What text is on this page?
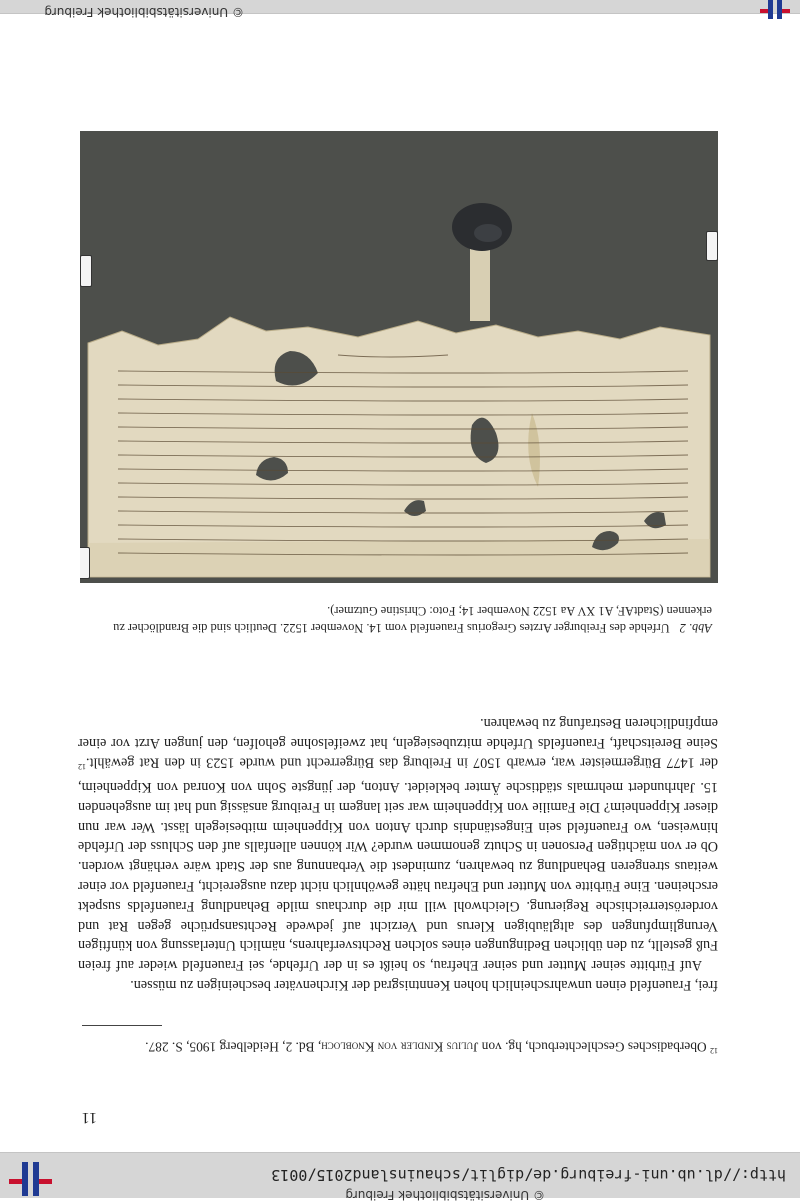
http://dl.ub.uni-freiburg.de/diglit/schauinsland2015/0013
© Universitätsbibliothek Freiburg
11
$^{12}$ Oberbadisches Geschlechterbuch, hg. von Julius Kindler von Knobloch, Bd. 2, Heidelberg 1905, S. 287.

frei, Frauenfeld einen unwahrscheinlich hohen Kenntnisgrad der Kirchenväter bescheinigen zu müssen.

Auf Fürbitte seiner Mutter und seiner Ehefrau, so heißt es in der Urfehde, sei Frauenfeld wieder auf freien Fuß gestellt, zu den üblichen Bedingungen eines solchen Rechtsverfahrens, nämlich Unterlassung von künftigen Verunglimpfungen des altgläubigen Klerus und Verzicht auf jedwede Rechtsansprüche gegen Rat und vorderösterreichische Regierung. Gleichwohl will mir die durchaus milde Behandlung Frauenfelds suspekt erscheinen. Eine Fürbitte von Mutter und Ehefrau hätte gewöhnlich nicht dazu ausgereicht, Frauenfeld vor einer weitaus strengeren Behandlung zu bewahren, zumindest die Verbannung aus der Stadt wäre verhängt worden. Ob er von mächtigen Personen in Schutz genommen wurde? Wir können allenfalls auf den Schluss der Urfehde hinweisen, wo Frauenfeld sein Eingeständnis durch Anton von Kippenheim mitbesiegeln lässt. Wer war nun dieser Kippenheim? Die Familie von Kippenheim war seit langem in Freiburg ansässig und hat im ausgehenden 15. Jahrhundert mehrmals städtische Ämter bekleidet. Anton, der jüngste Sohn von Konrad von Kippenheim, der 1477 Bürgermeister war, erwarb 1507 in Freiburg das Bürgerrecht und wurde 1523 in den Rat gewählt.$^{12}$ Seine Bereitschaft, Frauenfelds Urfehde mitzubesiegeln, hat zweifelsohne geholfen, den jungen Arzt vor einer empfindlicheren Bestrafung zu bewahren.

Abb. 2Urfehde des Freiburger Arztes Gregorius Frauenfeld vom 14. November 1522. Deutlich sind die Brandlöcher zu erkennen (StadtAF, A1 XV Aa 1522 November 14; Foto: Christine Gutzmer).
© Universitätsbibliothek Freiburg
